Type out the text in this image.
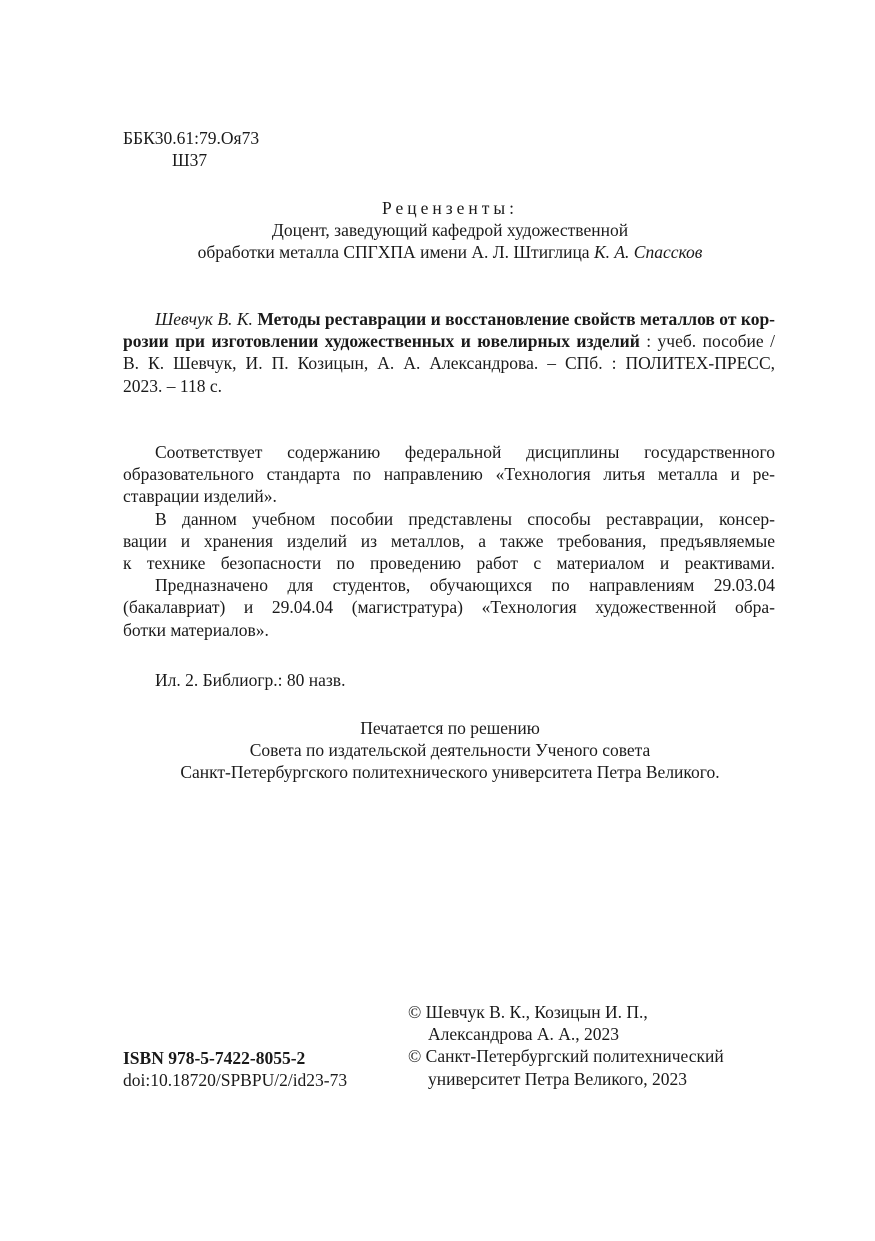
ББК30.61:79.Оя73
Ш37
Рецензенты:
Доцент, заведующий кафедрой художественной
обработки металла СПГХПА имени А. Л. Штиглица К. А. Спассков
Шевчук В. К. Методы реставрации и восстановление свойств металлов от кор-
розии при изготовлении художественных и ювелирных изделий : учеб. пособие /
В. К. Шевчук, И. П. Козицын, А. А. Александрова. – СПб. : ПОЛИТЕХ-ПРЕСС,
2023. – 118 с.
Соответствует содержанию федеральной дисциплины государственного
образовательного стандарта по направлению «Технология литья металла и ре-
ставрации изделий».
В данном учебном пособии представлены способы реставрации, консер-
вации и хранения изделий из металлов, а также требования, предъявляемые
к технике безопасности по проведению работ с материалом и реактивами.
Предназначено для студентов, обучающихся по направлениям 29.03.04
(бакалавриат) и 29.04.04 (магистратура) «Технология художественной обра-
ботки материалов».
Ил. 2. Библиогр.: 80 назв.
Печатается по решению
Совета по издательской деятельности Ученого совета
Санкт-Петербургского политехнического университета Петра Великого.
ISBN 978-5-7422-8055-2
doi:10.18720/SPBPU/2/id23-73
© Шевчук В. К., Козицын И. П.,
Александрова А. А., 2023
© Санкт-Петербургский политехнический
университет Петра Великого, 2023
